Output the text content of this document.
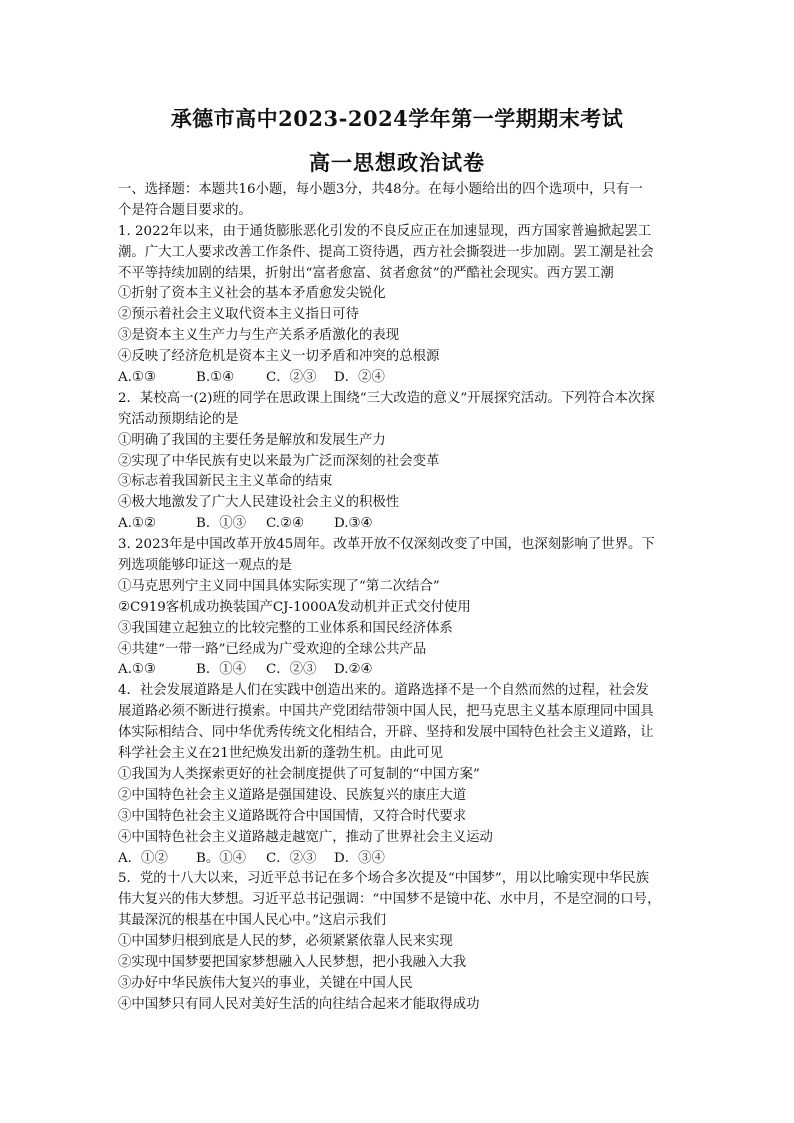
承德市高中2023-2024学年第一学期期末考试
高一思想政治试卷
一、选择题：本题共16小题，每小题3分，共48分。在每小题给出的四个选项中，只有一
个是符合题目要求的。
1. 2022年以来，由于通货膨胀恶化引发的不良反应正在加速显现，西方国家普遍掀起罢工
潮。广大工人要求改善工作条件、提高工资待遇，西方社会撕裂进一步加剧。罢工潮是社会
不平等持续加剧的结果，折射出“富者愈富、贫者愈贫”的严酷社会现实。西方罢工潮
①折射了资本主义社会的基本矛盾愈发尖锐化
②预示着社会主义取代资本主义指日可待
③是资本主义生产力与生产关系矛盾激化的表现
④反映了经济危机是资本主义一切矛盾和冲突的总根源
A.①③	B.①④ C．②③ D．②④
2．某校高一(2)班的同学在思政课上围绕“三大改造的意义”开展探究活动。下列符合本次探
究活动预期结论的是
①明确了我国的主要任务是解放和发展生产力
②实现了中华民族有史以来最为广泛而深刻的社会变革
③标志着我国新民主主义革命的结束
④极大地激发了广大人民建设社会主义的积极性
A.①②	B．①③ C.②④ D.③④
3. 2023年是中国改革开放45周年。改革开放不仅深刻改变了中国，也深刻影响了世界。下
列选项能够印证这一观点的是
①马克思列宁主义同中国具体实际实现了“第二次结合”
②C919客机成功换装国产CJ-1000A发动机并正式交付使用
③我国建立起独立的比较完整的工业体系和国民经济体系
④共建“一带一路”已经成为广受欢迎的全球公共产品
A.①③	B．①④ C．②③ D.②④
4．社会发展道路是人们在实践中创造出来的。道路选择不是一个自然而然的过程，社会发
展道路必须不断进行摸索。中国共产党团结带领中国人民，把马克思主义基本原理同中国具
体实际相结合、同中华优秀传统文化相结合，开辟、坚持和发展中国特色社会主义道路，让
科学社会主义在21世纪焕发出新的蓬勃生机。由此可见
①我国为人类探索更好的社会制度提供了可复制的“中国方案”
②中国特色社会主义道路是强国建设、民族复兴的康庄大道
③中国特色社会主义道路既符合中国国情，又符合时代要求
④中国特色社会主义道路越走越宽广，推动了世界社会主义运动
A．①② B。①④ C．②③ D．③④
5．党的十八大以来，习近平总书记在多个场合多次提及“中国梦”，用以比喻实现中华民族
伟大复兴的伟大梦想。习近平总书记强调：“中国梦不是镜中花、水中月，不是空洞的口号，
其最深沉的根基在中国人民心中。”这启示我们
①中国梦归根到底是人民的梦，必须紧紧依靠人民来实现
②实现中国梦要把国家梦想融入人民梦想，把小我融入大我
③办好中华民族伟大复兴的事业，关键在中国人民
④中国梦只有同人民对美好生活的向往结合起来才能取得成功
